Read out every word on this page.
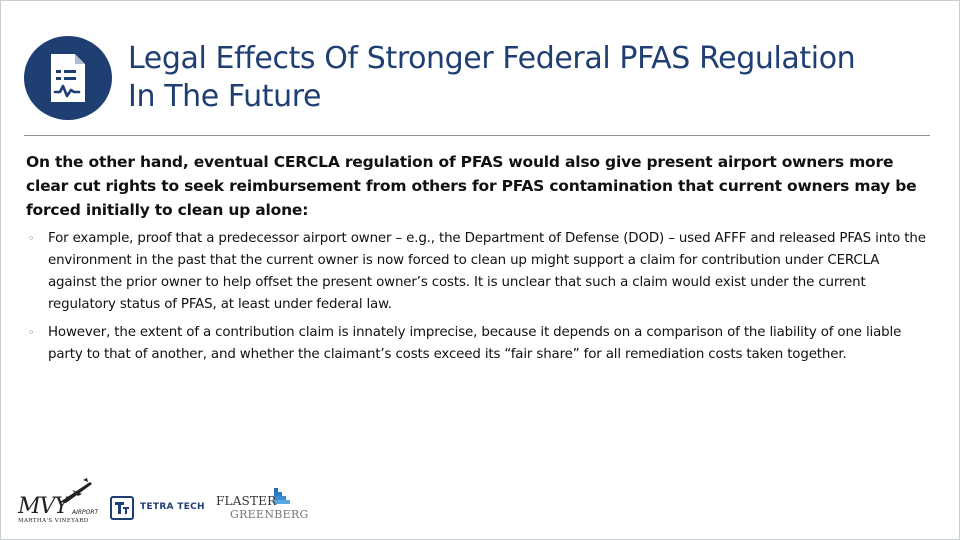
Legal Effects Of Stronger Federal PFAS Regulation
In The Future

On the other hand, eventual CERCLA regulation of PFAS would also give present airport owners more clear cut rights to seek reimbursement from others for PFAS contamination that current owners may be forced initially to clean up alone:

◦ For example, proof that a predecessor airport owner – e.g., the Department of Defense (DOD) – used AFFF and released PFAS into the environment in the past that the current owner is now forced to clean up might support a claim for contribution under CERCLA against the prior owner to help offset the present owner’s costs. It is unclear that such a claim would exist under the current regulatory status of PFAS, at least under federal law.
◦ However, the extent of a contribution claim is innately imprecise, because it depends on a comparison of the liability of one liable party to that of another, and whether the claimant’s costs exceed its “fair share” for all remediation costs taken together.
MVY AIRPORT
MARTHA'S VINEYARD
TETRA TECH FLASTER
GREENBERG
